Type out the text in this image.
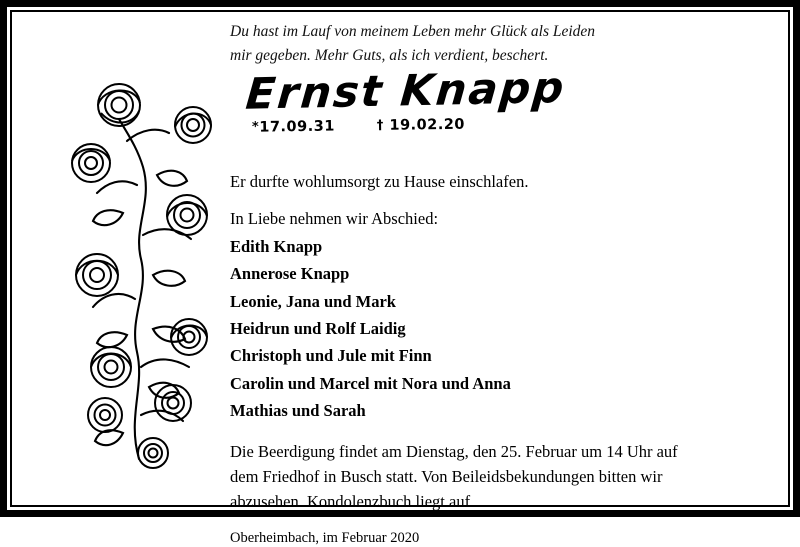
Du hast im Lauf von meinem Leben mehr Glück als Leiden
mir gegeben. Mehr Guts, als ich verdient, beschert.
Ernst Knapp
*17.09.31	† 19.02.20

Er durfte wohlumsorgt zu Hause einschlafen.

In Liebe nehmen wir Abschied:

Edith Knapp
Annerose Knapp
Leonie, Jana und Mark
Heidrun und Rolf Laidig
Christoph und Jule mit Finn
Carolin und Marcel mit Nora und Anna
Mathias und Sarah
Die Beerdigung findet am Dienstag, den 25. Februar um 14 Uhr auf
dem Friedhof in Busch statt. Von Beileidsbekundungen bitten wir
abzusehen. Kondolenzbuch liegt auf.

Oberheimbach, im Februar 2020
